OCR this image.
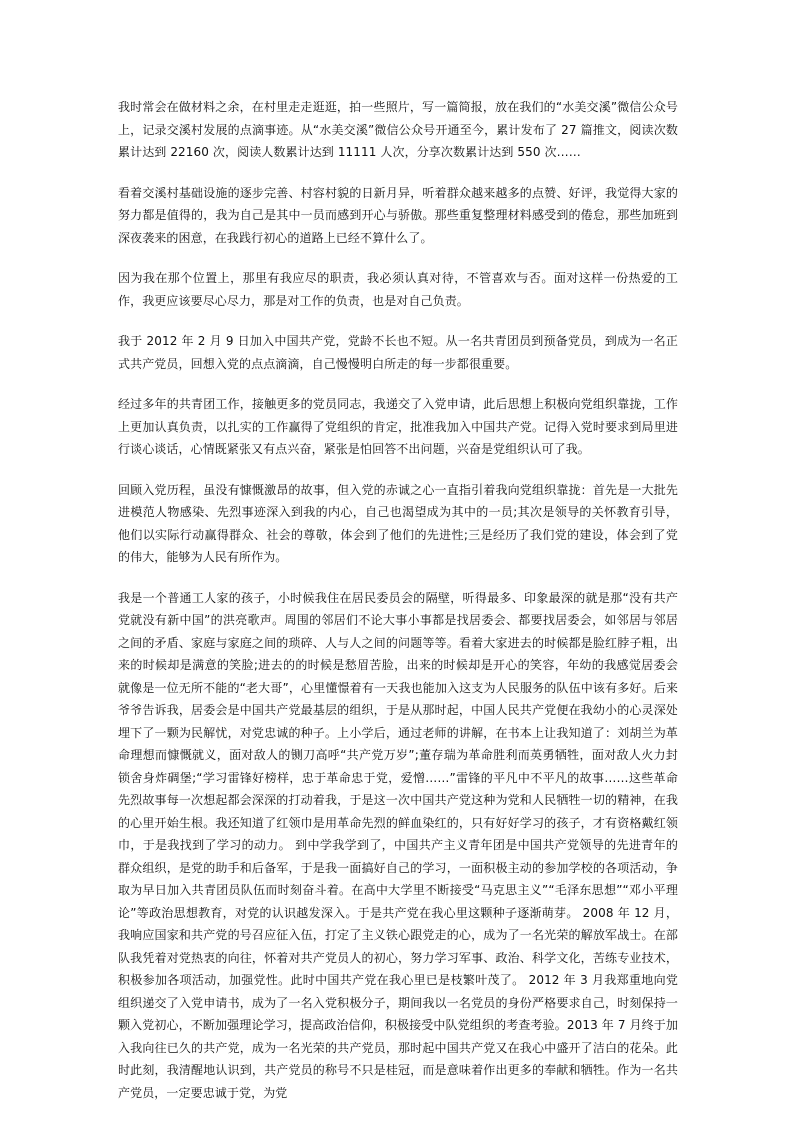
我时常会在做材料之余，在村里走走逛逛，拍一些照片，写一篇简报，放在我们的“水美交溪”微信公众号上，记录交溪村发展的点滴事迹。从“水美交溪”微信公众号开通至今，累计发布了 27 篇推文，阅读次数累计达到 22160 次，阅读人数累计达到 11111 人次，分享次数累计达到 550 次……

看着交溪村基础设施的逐步完善、村容村貌的日新月异，听着群众越来越多的点赞、好评，我觉得大家的努力都是值得的，我为自己是其中一员而感到开心与骄傲。那些重复整理材料感受到的倦怠，那些加班到深夜袭来的困意，在我践行初心的道路上已经不算什么了。

因为我在那个位置上，那里有我应尽的职责，我必须认真对待，不管喜欢与否。面对这样一份热爱的工作，我更应该要尽心尽力，那是对工作的负责，也是对自己负责。

我于 2012 年 2 月 9 日加入中国共产党，党龄不长也不短。从一名共青团员到预备党员，到成为一名正式共产党员，回想入党的点点滴滴，自己慢慢明白所走的每一步都很重要。

经过多年的共青团工作，接触更多的党员同志，我递交了入党申请，此后思想上积极向党组织靠拢，工作上更加认真负责，以扎实的工作赢得了党组织的肯定，批准我加入中国共产党。记得入党时要求到局里进行谈心谈话，心情既紧张又有点兴奋，紧张是怕回答不出问题，兴奋是党组织认可了我。

回顾入党历程，虽没有慷慨激昂的故事，但入党的赤诚之心一直指引着我向党组织靠拢：首先是一大批先进模范人物感染、先烈事迹深入到我的内心，自己也渴望成为其中的一员;其次是领导的关怀教育引导，他们以实际行动赢得群众、社会的尊敬，体会到了他们的先进性;三是经历了我们党的建设，体会到了党的伟大，能够为人民有所作为。

我是一个普通工人家的孩子，小时候我住在居民委员会的隔壁，听得最多、印象最深的就是那“没有共产党就没有新中国”的洪亮歌声。周围的邻居们不论大事小事都是找居委会、都要找居委会，如邻居与邻居之间的矛盾、家庭与家庭之间的琐碎、人与人之间的问题等等。看着大家进去的时候都是脸红脖子粗，出来的时候却是满意的笑脸;进去的的时候是愁眉苦脸，出来的时候却是开心的笑容，年幼的我感觉居委会就像是一位无所不能的“老大哥”，心里懂憬着有一天我也能加入这支为人民服务的队伍中该有多好。后来爷爷告诉我，居委会是中国共产党最基层的组织，于是从那时起，中国人民共产党便在我幼小的心灵深处埋下了一颗为民解忧，对党忠诚的种子。上小学后，通过老师的讲解，在书本上让我知道了：刘胡兰为革命理想而慷慨就义，面对敌人的铡刀高呼“共产党万岁”;董存瑞为革命胜利而英勇牺牲，面对敌人火力封锁舍身炸碉堡;“学习雷锋好榜样，忠于革命忠于党，爱憎……”雷锋的平凡中不平凡的故事……这些革命先烈故事每一次想起都会深深的打动着我，于是这一次中国共产党这种为党和人民牺牲一切的精神，在我的心里开始生根。我还知道了红领巾是用革命先烈的鲜血染红的，只有好好学习的孩子，才有资格戴红领巾，于是我找到了学习的动力。 到中学我学到了，中国共产主义青年团是中国共产党领导的先进青年的群众组织，是党的助手和后备军，于是我一面搞好自己的学习，一面积极主动的参加学校的各项活动，争取为早日加入共青团员队伍而时刻奋斗着。在高中大学里不断接受“马克思主义”“毛泽东思想”“邓小平理论”等政治思想教育，对党的认识越发深入。于是共产党在我心里这颗种子逐渐萌芽。 2008 年 12 月，我响应国家和共产党的号召应征入伍，打定了主义铁心跟党走的心，成为了一名光荣的解放军战士。在部队我凭着对党热衷的向往，怀着对共产党员人的初心，努力学习军事、政治、科学文化，苦练专业技术，积极参加各项活动，加强党性。此时中国共产党在我心里已是枝繁叶茂了。 2012 年 3 月我郑重地向党组织递交了入党申请书，成为了一名入党积极分子，期间我以一名党员的身份严格要求自己，时刻保持一颗入党初心，不断加强理论学习，提高政治信仰，积极接受中队党组织的考查考验。2013 年 7 月终于加入我向往已久的共产党，成为一名光荣的共产党员，那时起中国共产党又在我心中盛开了洁白的花朵。此时此刻，我清醒地认识到，共产党员的称号不只是桂冠，而是意味着作出更多的奉献和牺牲。作为一名共产党员，一定要忠诚于党，为党
